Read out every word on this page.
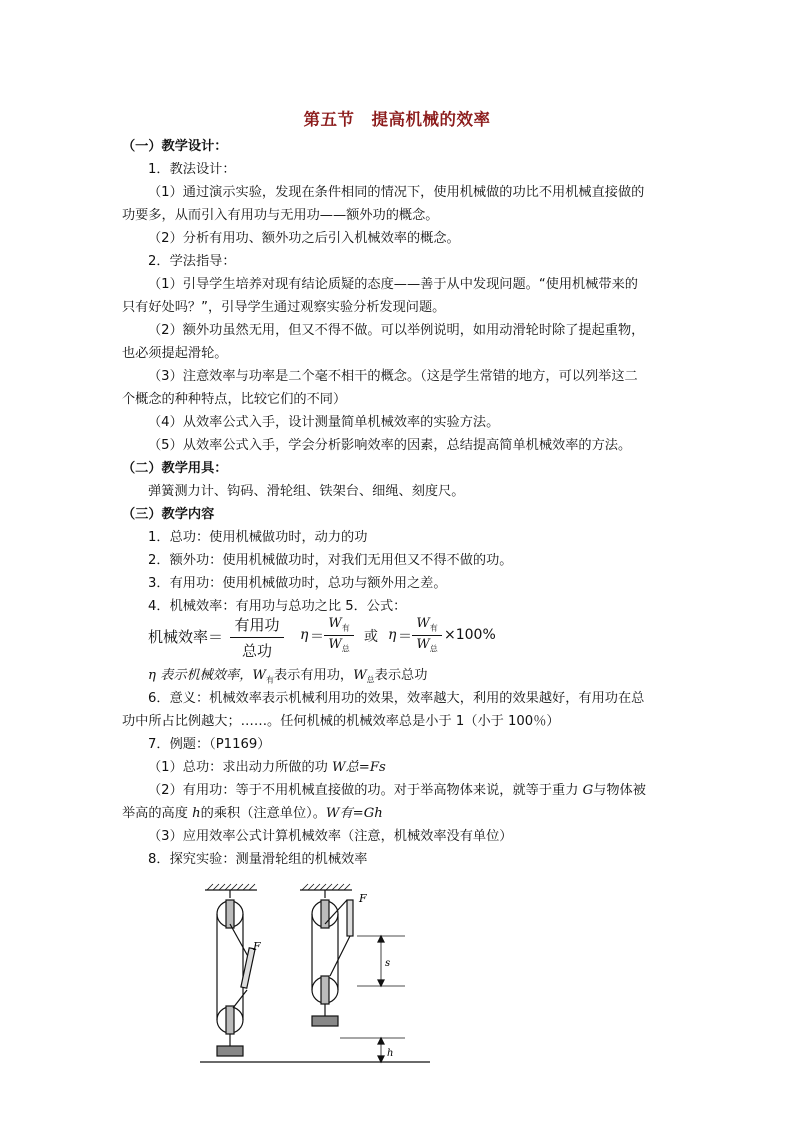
第五节　提高机械的效率
（一）教学设计：
1．教法设计：
（1）通过演示实验，发现在条件相同的情况下，使用机械做的功比不用机械直接做的
功要多，从而引入有用功与无用功——额外功的概念。
（2）分析有用功、额外功之后引入机械效率的概念。
2．学法指导：
（1）引导学生培养对现有结论质疑的态度——善于从中发现问题。“使用机械带来的
只有好处吗？”，引导学生通过观察实验分析发现问题。
（2）额外功虽然无用，但又不得不做。可以举例说明，如用动滑轮时除了提起重物，
也必须提起滑轮。
（3）注意效率与功率是二个毫不相干的概念。（这是学生常错的地方，可以列举这二
个概念的种种特点，比较它们的不同）
（4）从效率公式入手，设计测量简单机械效率的实验方法。
（5）从效率公式入手，学会分析影响效率的因素，总结提高简单机械效率的方法。
（二）教学用具：
弹簧测力计、钩码、滑轮组、铁架台、细绳、刻度尺。
（三）教学内容
1．总功：使用机械做功时，动力的功
2．额外功：使用机械做功时，对我们无用但又不得不做的功。
3．有用功：使用机械做功时，总功与额外用之差。
4．机械效率：有用功与总功之比 5．公式：
机械效率＝
有用功
总功
η ＝
$W_有$
$W_总$
或 η ＝
$W_有$
$W_总$
×100%
η 表示机械效率，$W_有$表示有用功，$W_总$表示总功
6．意义：机械效率表示机械利用功的效果，效率越大，利用的效果越好，有用功在总
功中所占比例越大；……。任何机械的机械效率总是小于 1（小于 100％）
7．例题：（P1169）
（1）总功：求出动力所做的功 W总=Fs
（2）有用功：等于不用机械直接做的功。对于举高物体来说，就等于重力 G与物体被
举高的高度 h的乘积（注意单位）。W有=Gh
（3）应用效率公式计算机械效率（注意，机械效率没有单位）
8．探究实验：测量滑轮组的机械效率
F
F
s
h
